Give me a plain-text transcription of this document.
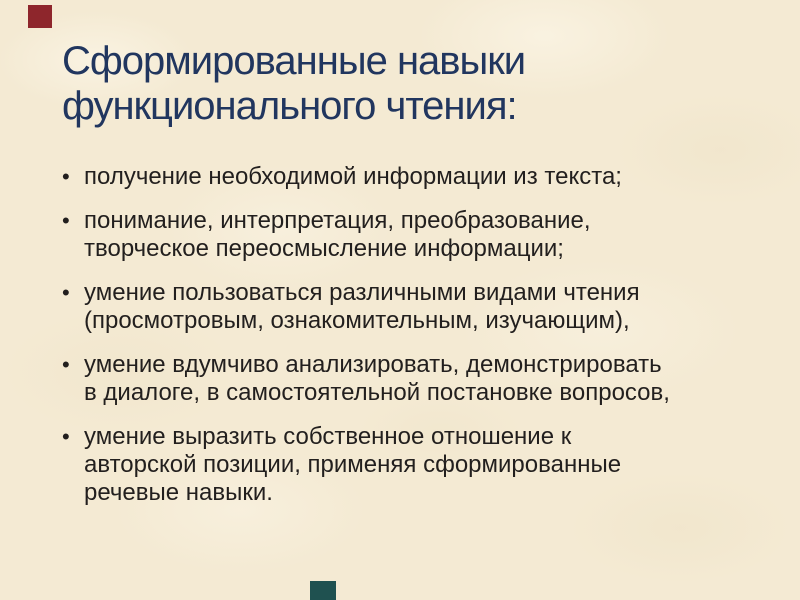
Сформированные навыки
функционального чтения:
• получение необходимой информации из текста;
• понимание, интерпретация, преобразование,
творческое переосмысление информации;
• умение пользоваться различными видами чтения
(просмотровым, ознакомительным, изучающим),
• умение вдумчиво анализировать, демонстрировать
в диалоге, в самостоятельной постановке вопросов,
• умение выразить собственное отношение к
авторской позиции, применяя сформированные
речевые навыки.
